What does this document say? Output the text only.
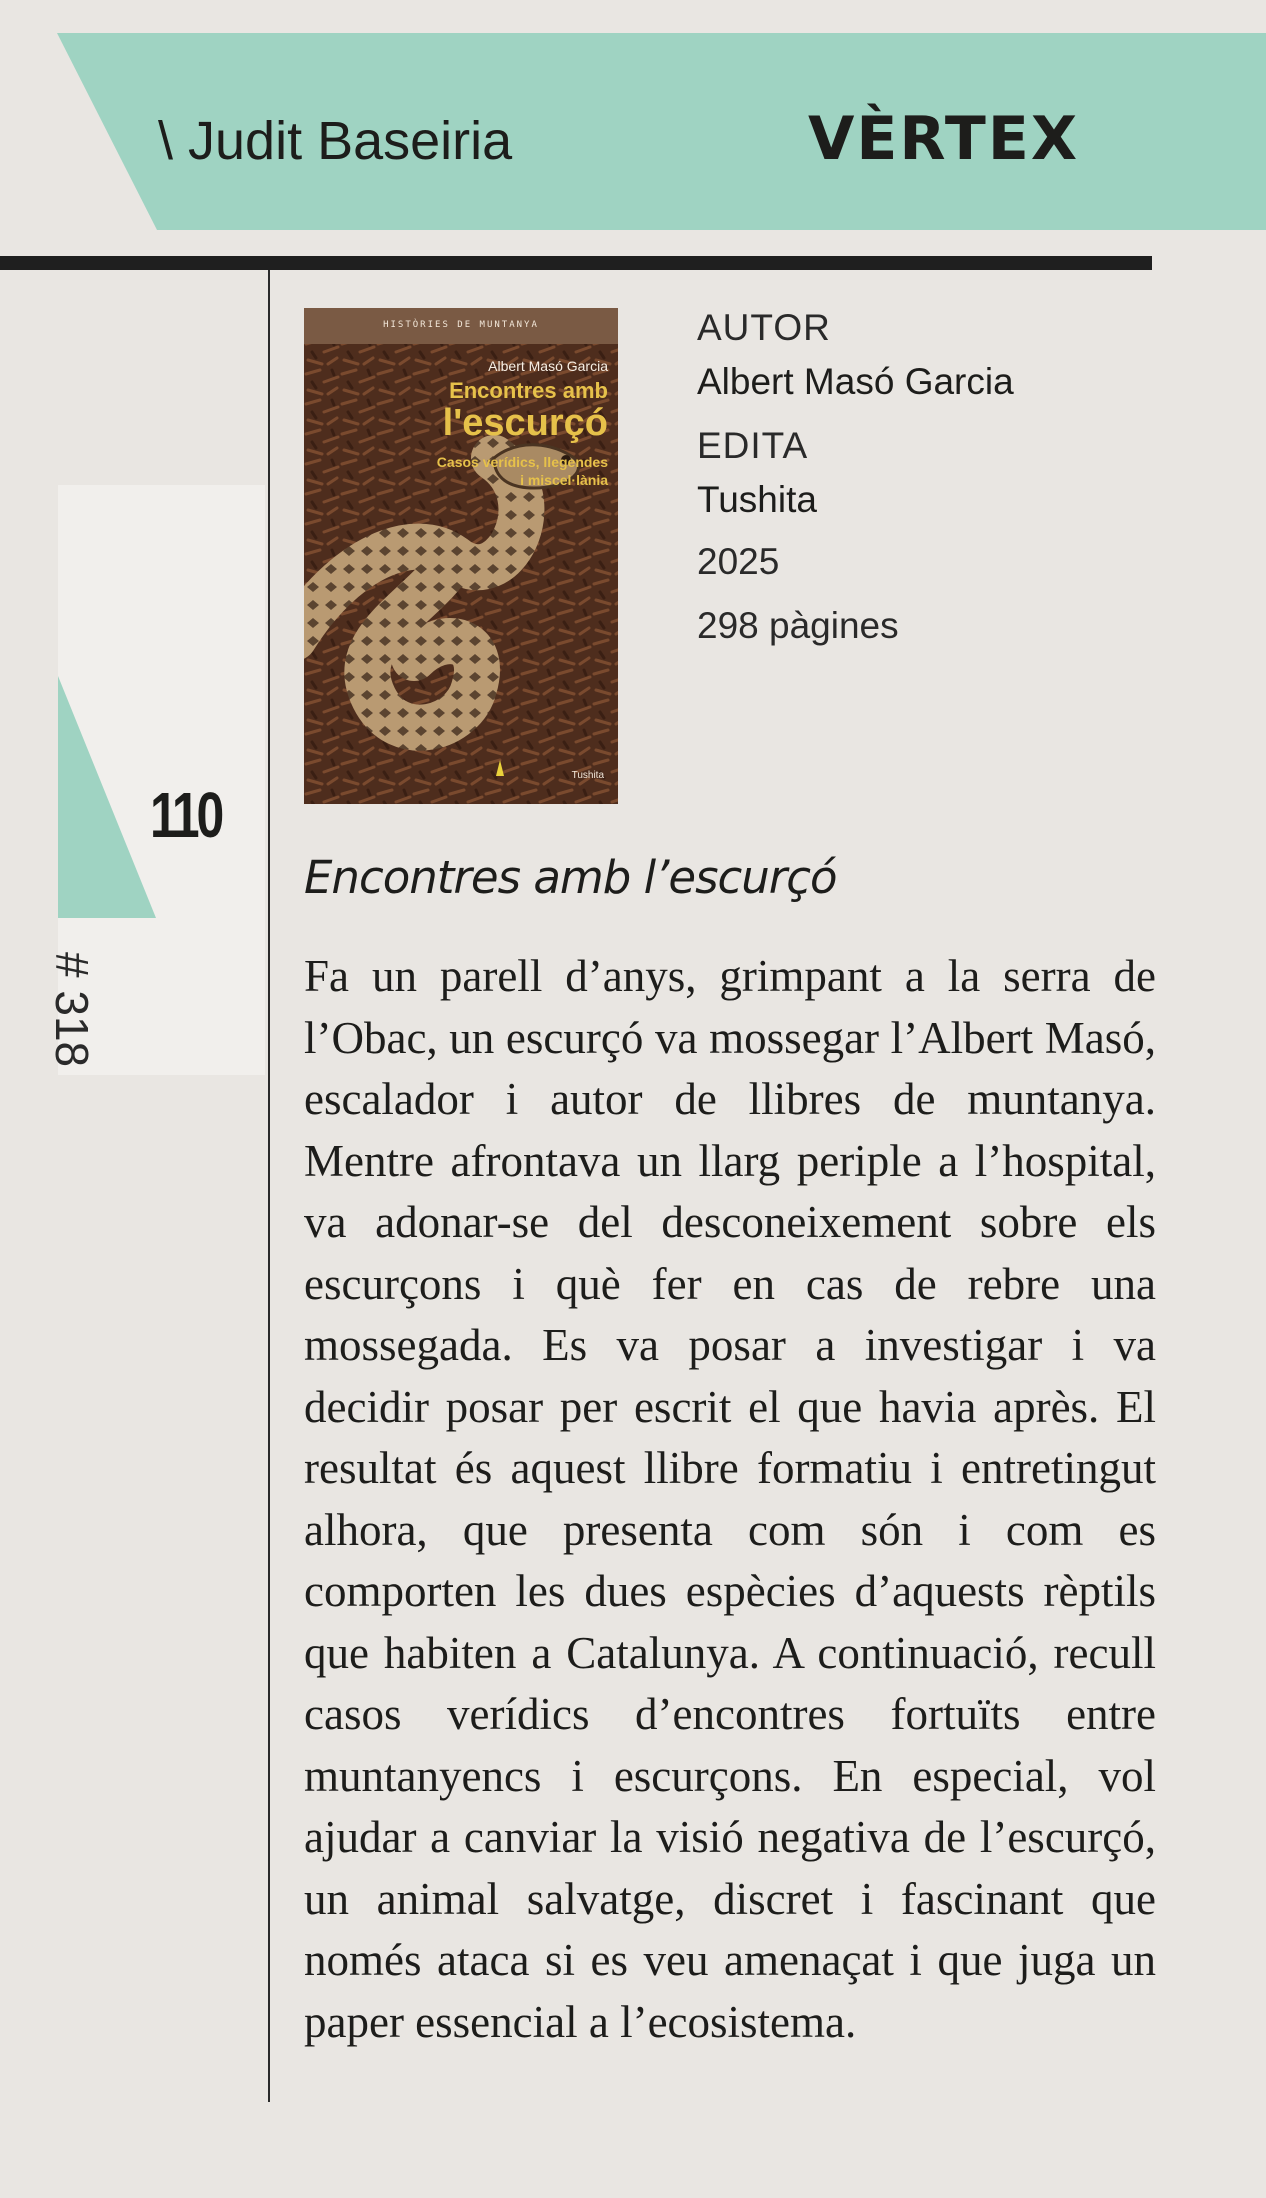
\ Judit Baseiria	VÈRTEX
110
# 318
HISTÒRIES DE MUNTANYA
Albert Masó Garcia
Encontres amb
l'escurçó
Casos verídics, llegendes
i miscel·lània
Tushita
AUTOR
Albert Masó Garcia
EDITA
Tushita
2025
298 pàgines
Encontres amb l’escurçó
Fa un parell d’anys, grimpant a la serra de l’Obac, un escurçó va mossegar l’Albert Masó, escalador i autor de llibres de muntanya. Mentre afrontava un llarg periple a l’hospital, va adonar-se del desconeixement sobre els escurçons i què fer en cas de rebre una mossegada. Es va posar a investigar i va decidir posar per escrit el que havia après. El resultat és aquest llibre formatiu i entretingut alhora, que presenta com són i com es comporten les dues espècies d’aquests rèptils que habiten a Catalunya. A continuació, recull casos verídics d’encontres fortuïts entre muntanyencs i escurçons. En especial, vol ajudar a canviar la visió negativa de l’escurçó, un animal salvatge, discret i fascinant que només ataca si es veu amenaçat i que juga un paper essencial a l’ecosistema.
